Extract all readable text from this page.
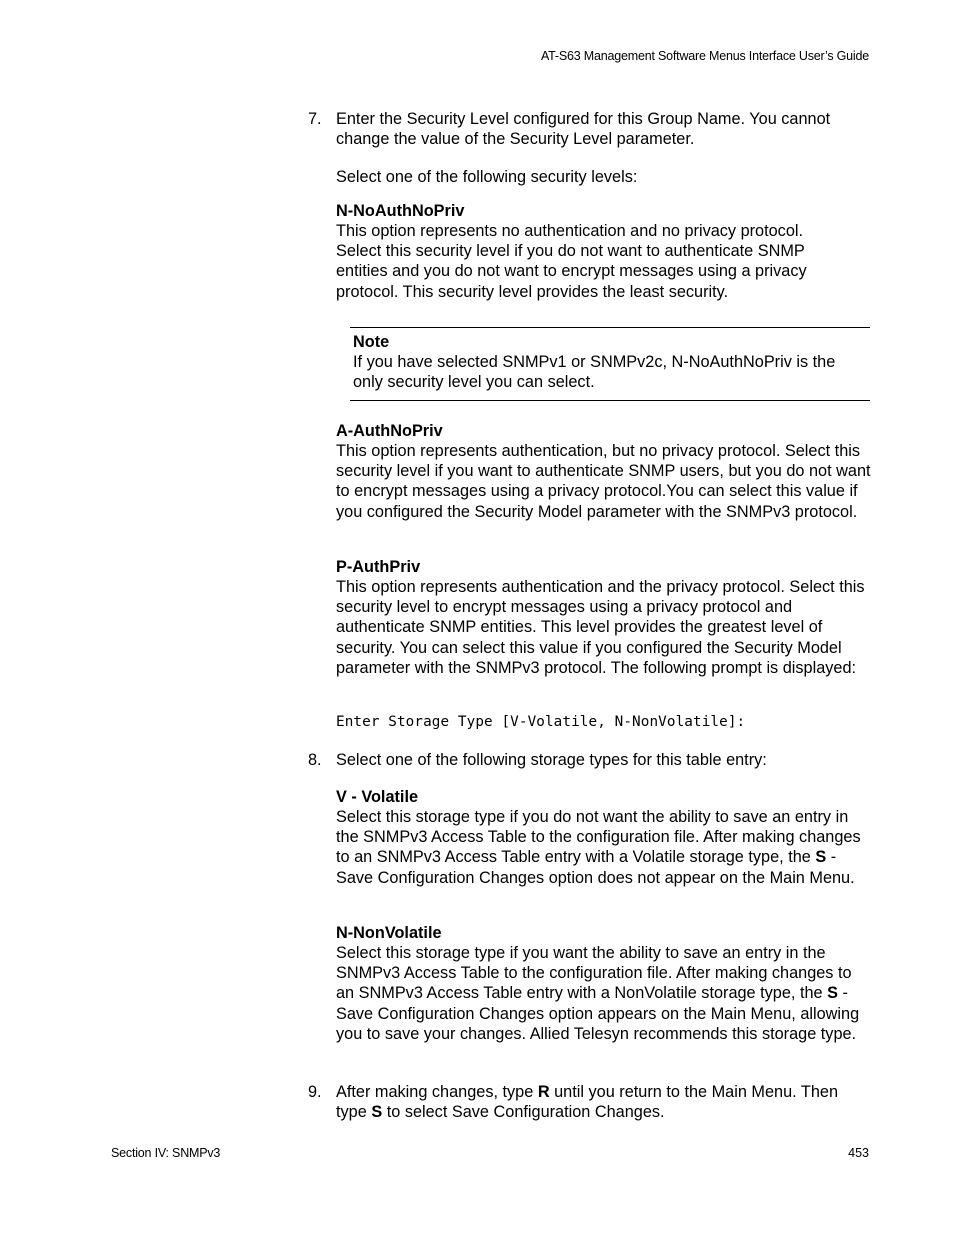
AT-S63 Management Software Menus Interface User’s Guide
7. Enter the Security Level configured for this Group Name. You cannot change the value of the Security Level parameter.
Select one of the following security levels:
N-NoAuthNoPriv
This option represents no authentication and no privacy protocol. Select this security level if you do not want to authenticate SNMP entities and you do not want to encrypt messages using a privacy protocol. This security level provides the least security.

Note

If you have selected SNMPv1 or SNMPv2c, N-NoAuthNoPriv is the only security level you can select.

A-AuthNoPriv
This option represents authentication, but no privacy protocol. Select this security level if you want to authenticate SNMP users, but you do not want to encrypt messages using a privacy protocol.You can select this value if you configured the Security Model parameter with the SNMPv3 protocol.
P-AuthPriv
This option represents authentication and the privacy protocol. Select this security level to encrypt messages using a privacy protocol and authenticate SNMP entities. This level provides the greatest level of security. You can select this value if you configured the Security Model parameter with the SNMPv3 protocol. The following prompt is displayed:
Enter Storage Type [V-Volatile, N-NonVolatile]:
8. Select one of the following storage types for this table entry:
V - Volatile
Select this storage type if you do not want the ability to save an entry in the SNMPv3 Access Table to the configuration file. After making changes to an SNMPv3 Access Table entry with a Volatile storage type, the S - Save Configuration Changes option does not appear on the Main Menu.
N-NonVolatile
Select this storage type if you want the ability to save an entry in the SNMPv3 Access Table to the configuration file. After making changes to an SNMPv3 Access Table entry with a NonVolatile storage type, the S - Save Configuration Changes option appears on the Main Menu, allowing you to save your changes. Allied Telesyn recommends this storage type.
9. After making changes, type R until you return to the Main Menu. Then type S to select Save Configuration Changes.
Section IV: SNMPv3	453
